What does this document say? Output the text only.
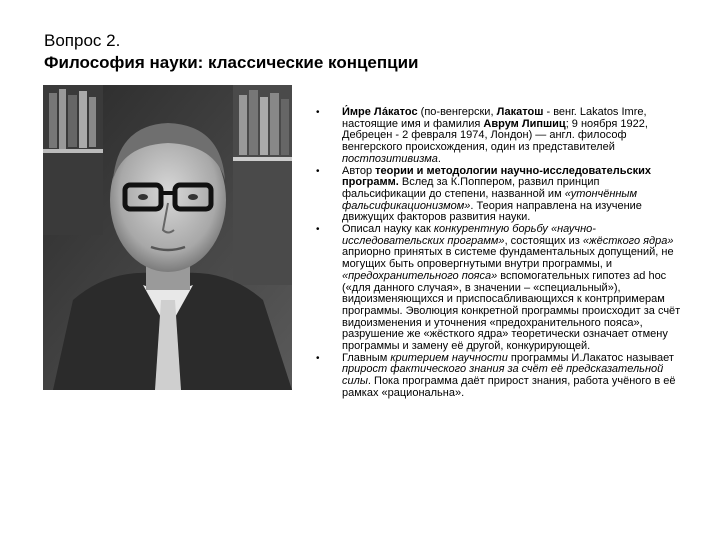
Вопрос 2.
Философия науки: классические концепции
• И́мре Ла́катос (по-венгерски, Лакатош - венг. Lakatos Imre, настоящие имя и фамилия Аврум Липшиц; 9 ноября 1922, Дебрецен - 2 февраля 1974, Лондон) — англ. философ венгерского происхождения, один из представителей постпозитивизма.
• Автор теории и методологии научно-исследовательских программ. Вслед за К.Поппером, развил принцип фальсификации до степени, названной им «утончённым фальсификационизмом». Теория направлена на изучение движущих факторов развития науки.
• Описал науку как конкурентную борьбу «научно-исследовательских программ», состоящих из «жёсткого ядра» априорно принятых в системе фундаментальных допущений, не могущих быть опровергнутыми внутри программы, и «предохранительного пояса» вспомогательных гипотез ad hoc («для данного случая», в значении – «специальный»), видоизменяющихся и приспосабливающихся к контрпримерам программы. Эволюция конкретной программы происходит за счёт видоизменения и уточнения «предохранительного пояса», разрушение же «жёсткого ядра» теоретически означает отмену программы и замену её другой, конкурирующей.
• Главным критерием научности программы И.Лакатос называет прирост фактического знания за счёт её предсказательной силы. Пока программа даёт прирост знания, работа учёного в её рамках «рациональна».
